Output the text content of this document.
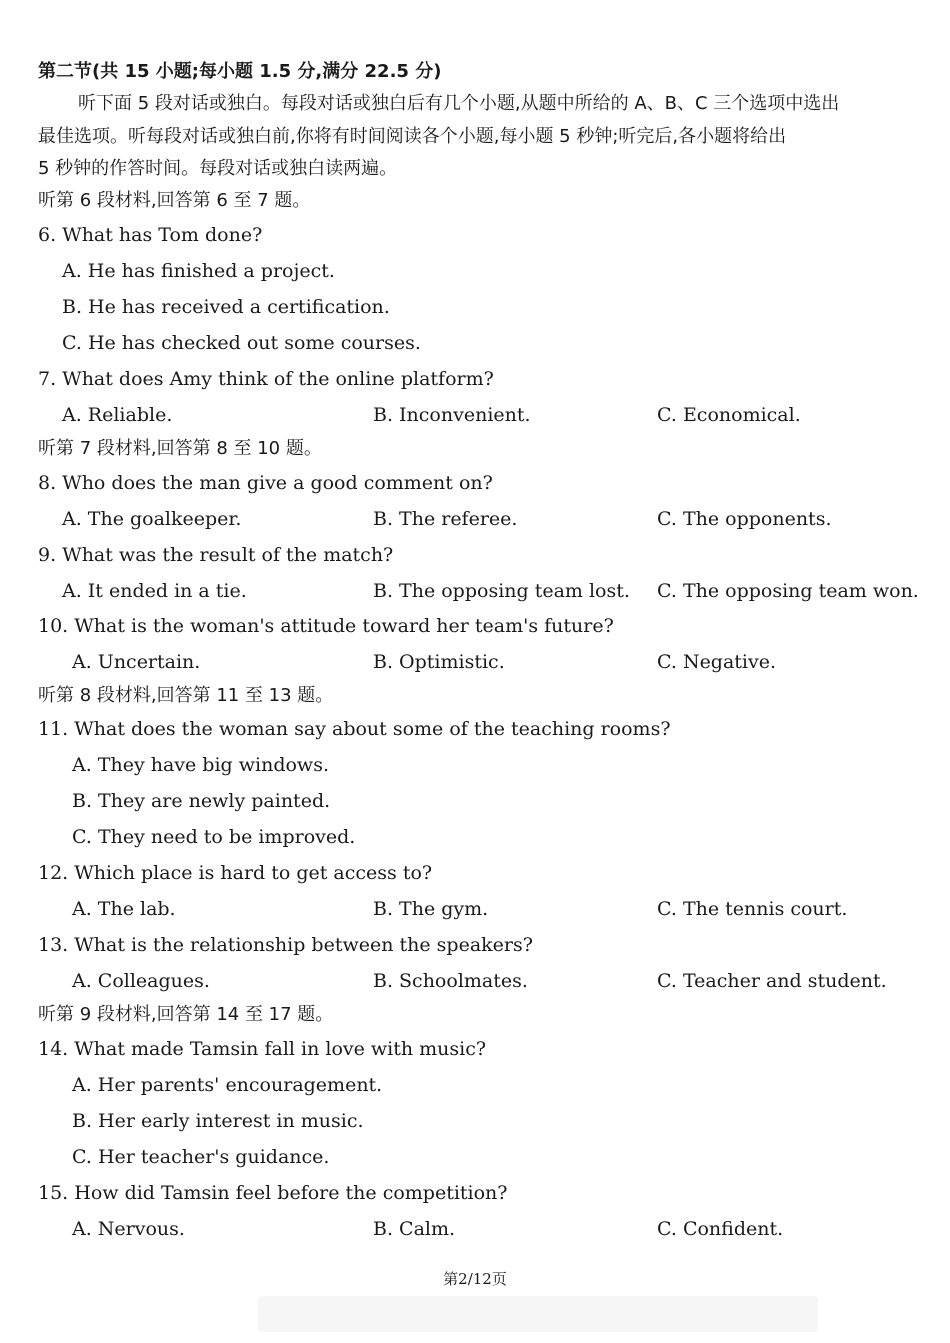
第二节(共 15 小题;每小题 1.5 分,满分 22.5 分)
听下面 5 段对话或独白。每段对话或独白后有几个小题,从题中所给的 A、B、C 三个选项中选出
最佳选项。听每段对话或独白前,你将有时间阅读各个小题,每小题 5 秒钟;听完后,各小题将给出
5 秒钟的作答时间。每段对话或独白读两遍。
听第 6 段材料,回答第 6 至 7 题。
6. What has Tom done?
A. He has finished a project.
B. He has received a certification.
C. He has checked out some courses.
7. What does Amy think of the online platform?
A. Reliable.	B. Inconvenient.	C. Economical.
听第 7 段材料,回答第 8 至 10 题。
8. Who does the man give a good comment on?
A. The goalkeeper.	B. The referee.	C. The opponents.
9. What was the result of the match?
A. It ended in a tie.	B. The opposing team lost. C. The opposing team won.
10. What is the woman's attitude toward her team's future?
A. Uncertain.	B. Optimistic.	C. Negative.
听第 8 段材料,回答第 11 至 13 题。
11. What does the woman say about some of the teaching rooms?
A. They have big windows.
B. They are newly painted.
C. They need to be improved.
12. Which place is hard to get access to?
A. The lab.	B. The gym.	C. The tennis court.
13. What is the relationship between the speakers?
A. Colleagues.	B. Schoolmates.	C. Teacher and student.
听第 9 段材料,回答第 14 至 17 题。
14. What made Tamsin fall in love with music?
A. Her parents' encouragement.
B. Her early interest in music.
C. Her teacher's guidance.
15. How did Tamsin feel before the competition?
A. Nervous.	B. Calm.	C. Confident.
第2/12页
